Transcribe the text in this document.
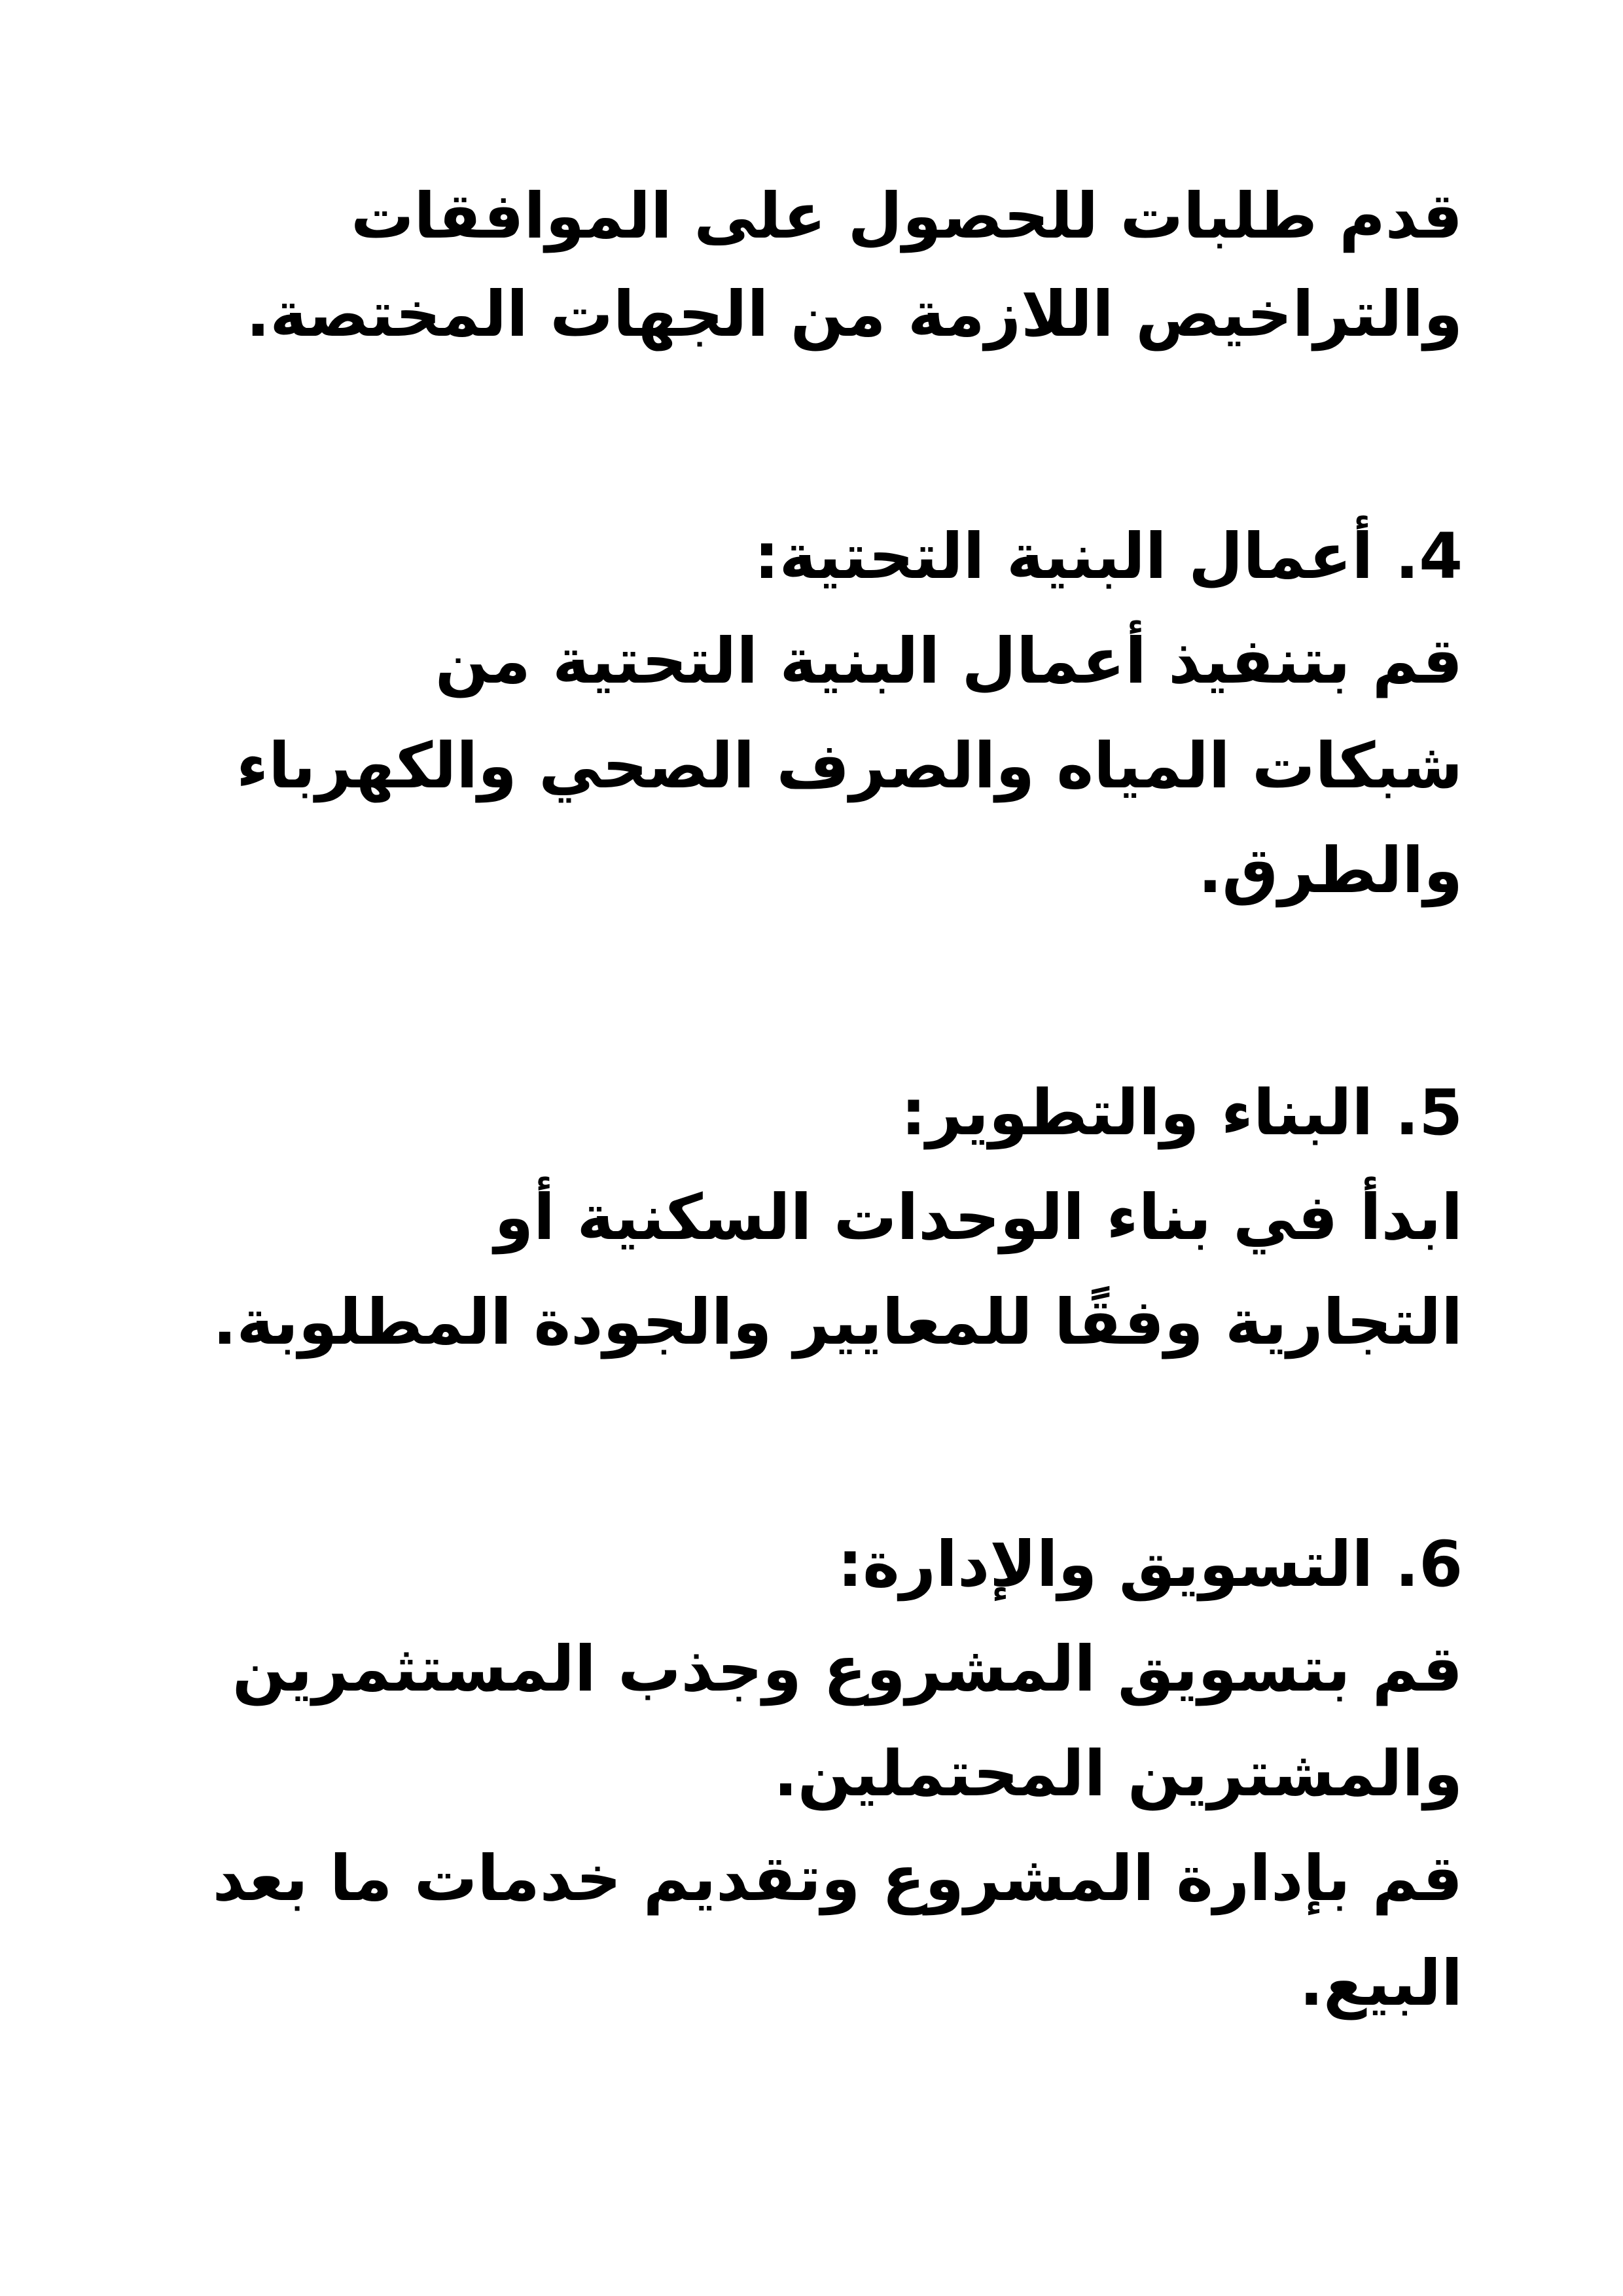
قدم طلبات للحصول على الموافقات
والتراخيص اللازمة من الجهات المختصة.
4. أعمال البنية التحتية:
قم بتنفيذ أعمال البنية التحتية من
شبكات المياه والصرف الصحي والكهرباء
والطرق.
5. البناء والتطوير:
ابدأ في بناء الوحدات السكنية أو
التجارية وفقًا للمعايير والجودة المطلوبة.
6. التسويق والإدارة:
قم بتسويق المشروع وجذب المستثمرين
والمشترين المحتملين.
قم بإدارة المشروع وتقديم خدمات ما بعد
البيع.
